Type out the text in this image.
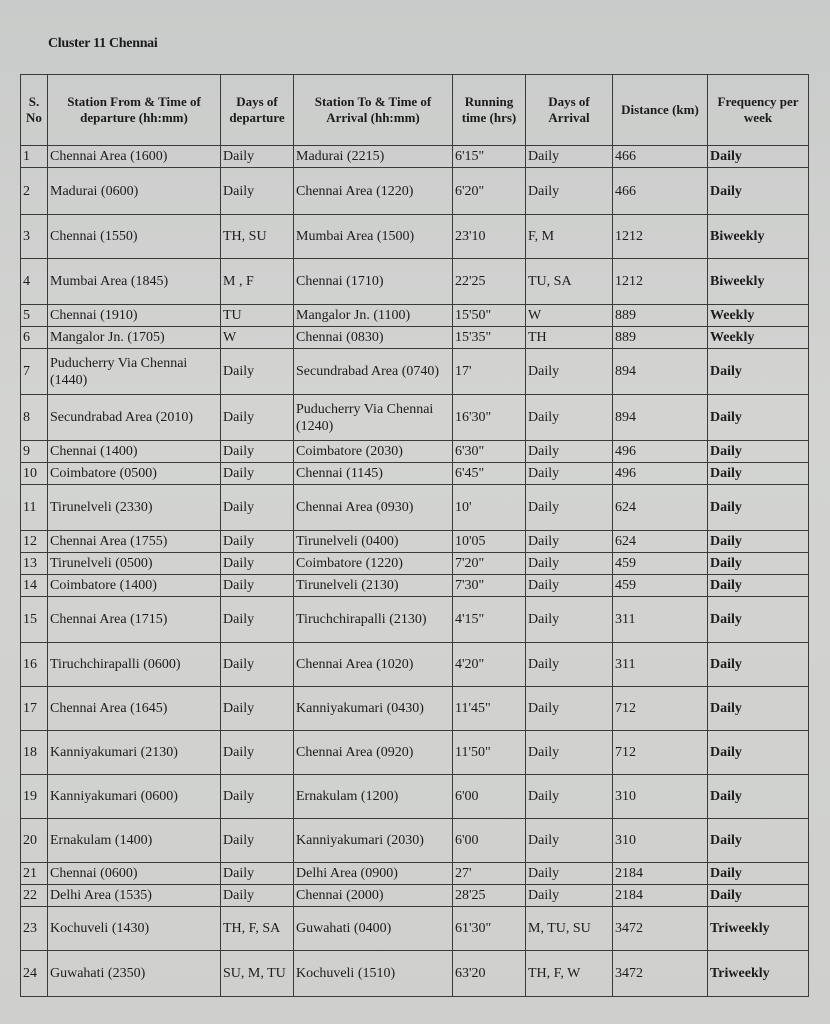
Cluster 11 Chennai
S. No	Station From & Time of departure (hh:mm)	Days of departure	Station To & Time of Arrival (hh:mm)	Running time (hrs)	Days of Arrival	Distance (km)	Frequency per week
1	Chennai Area (1600)	Daily	Madurai (2215)	6'15"	Daily	466	Daily
2	Madurai (0600)	Daily	Chennai Area (1220)	6'20"	Daily	466	Daily
3	Chennai (1550)	TH, SU	Mumbai Area (1500)	23'10	F, M	1212	Biweekly
4	Mumbai Area (1845)	M , F	Chennai (1710)	22'25	TU, SA	1212	Biweekly
5	Chennai (1910)	TU	Mangalor Jn. (1100)	15'50"	W	889	Weekly
6	Mangalor Jn. (1705)	W	Chennai (0830)	15'35"	TH	889	Weekly
7	Puducherry Via Chennai (1440)	Daily	Secundrabad Area (0740)	17'	Daily	894	Daily
8	Secundrabad Area (2010)	Daily	Puducherry Via Chennai (1240)	16'30"	Daily	894	Daily
9	Chennai (1400)	Daily	Coimbatore (2030)	6'30"	Daily	496	Daily
10	Coimbatore (0500)	Daily	Chennai (1145)	6'45"	Daily	496	Daily
11	Tirunelveli (2330)	Daily	Chennai Area (0930)	10'	Daily	624	Daily
12	Chennai Area (1755)	Daily	Tirunelveli (0400)	10'05	Daily	624	Daily
13	Tirunelveli (0500)	Daily	Coimbatore (1220)	7'20"	Daily	459	Daily
14	Coimbatore (1400)	Daily	Tirunelveli (2130)	7'30"	Daily	459	Daily
15	Chennai Area (1715)	Daily	Tiruchchirapalli (2130)	4'15"	Daily	311	Daily
16	Tiruchchirapalli (0600)	Daily	Chennai Area (1020)	4'20"	Daily	311	Daily
17	Chennai Area (1645)	Daily	Kanniyakumari (0430)	11'45"	Daily	712	Daily
18	Kanniyakumari (2130)	Daily	Chennai Area (0920)	11'50"	Daily	712	Daily
19	Kanniyakumari (0600)	Daily	Ernakulam (1200)	6'00	Daily	310	Daily
20	Ernakulam (1400)	Daily	Kanniyakumari (2030)	6'00	Daily	310	Daily
21	Chennai (0600)	Daily	Delhi Area (0900)	27'	Daily	2184	Daily
22	Delhi Area (1535)	Daily	Chennai (2000)	28'25	Daily	2184	Daily
23	Kochuveli (1430)	TH, F, SA	Guwahati (0400)	61'30"	M, TU, SU	3472	Triweekly
24	Guwahati (2350)	SU, M, TU	Kochuveli (1510)	63'20	TH, F, W	3472	Triweekly
